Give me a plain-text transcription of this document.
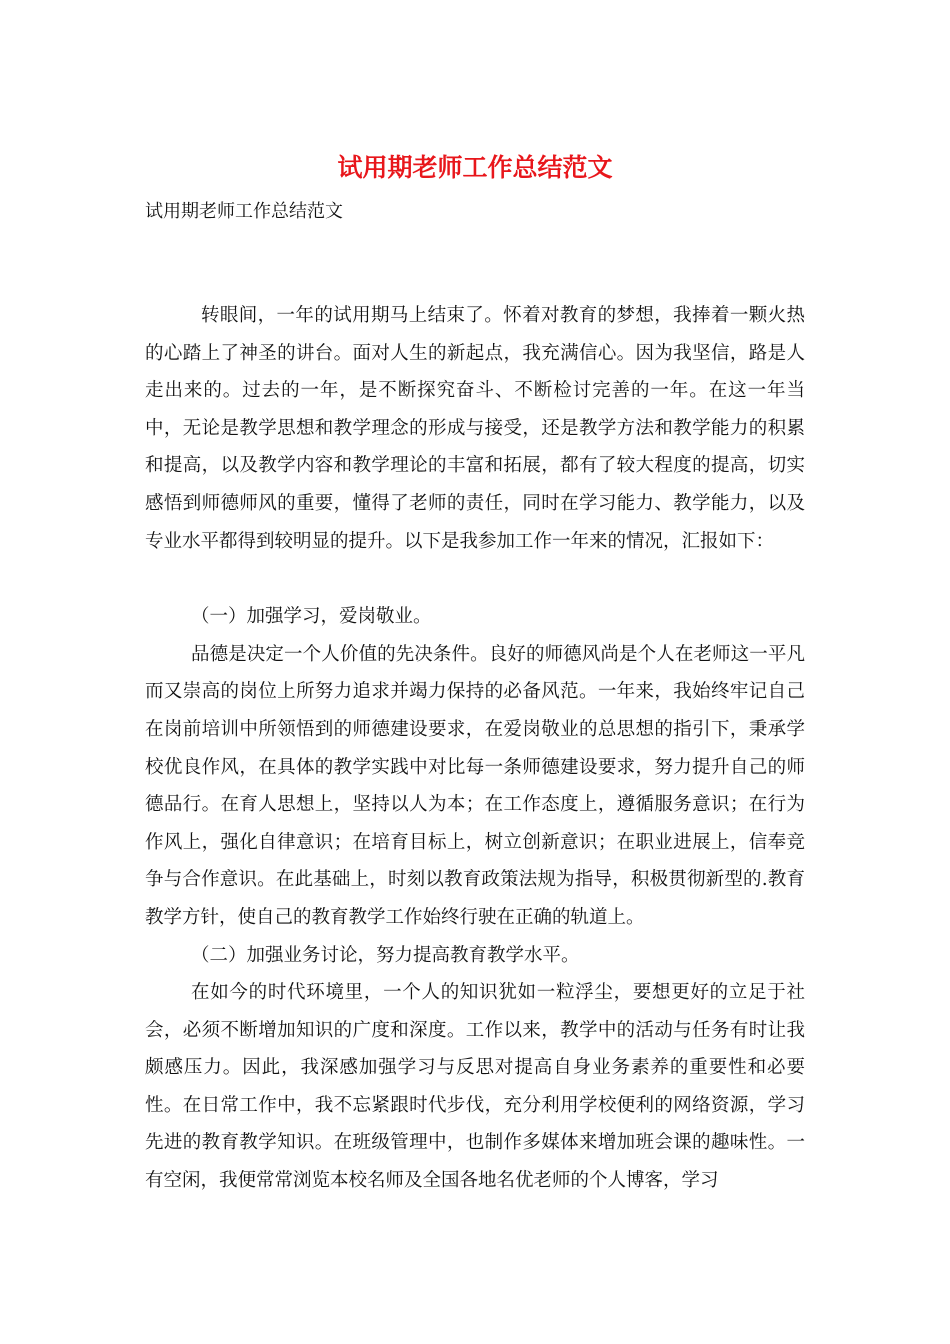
试用期老师工作总结范文

试用期老师工作总结范文

转眼间，一年的试用期马上结束了。怀着对教育的梦想，我捧着一颗火热的心踏上了神圣的讲台。面对人生的新起点，我充满信心。因为我坚信，路是人走出来的。过去的一年，是不断探究奋斗、不断检讨完善的一年。在这一年当中，无论是教学思想和教学理念的形成与接受，还是教学方法和教学能力的积累和提高，以及教学内容和教学理论的丰富和拓展，都有了较大程度的提高，切实感悟到师德师风的重要，懂得了老师的责任，同时在学习能力、教学能力，以及专业水平都得到较明显的提升。以下是我参加工作一年来的情况，汇报如下：

（一）加强学习，爱岗敬业。

品德是决定一个人价值的先决条件。良好的师德风尚是个人在老师这一平凡而又崇高的岗位上所努力追求并竭力保持的必备风范。一年来，我始终牢记自己在岗前培训中所领悟到的师德建设要求，在爱岗敬业的总思想的指引下，秉承学校优良作风，在具体的教学实践中对比每一条师德建设要求，努力提升自己的师德品行。在育人思想上，坚持以人为本；在工作态度上，遵循服务意识；在行为作风上，强化自律意识；在培育目标上，树立创新意识；在职业进展上，信奉竞争与合作意识。在此基础上，时刻以教育政策法规为指导，积极贯彻新型的.教育教学方针，使自己的教育教学工作始终行驶在正确的轨道上。

（二）加强业务讨论，努力提高教育教学水平。

在如今的时代环境里，一个人的知识犹如一粒浮尘，要想更好的立足于社会，必须不断增加知识的广度和深度。工作以来，教学中的活动与任务有时让我颇感压力。因此，我深感加强学习与反思对提高自身业务素养的重要性和必要性。在日常工作中，我不忘紧跟时代步伐，充分利用学校便利的网络资源，学习先进的教育教学知识。在班级管理中，也制作多媒体来增加班会课的趣味性。一有空闲，我便常常浏览本校名师及全国各地名优老师的个人博客，学习
